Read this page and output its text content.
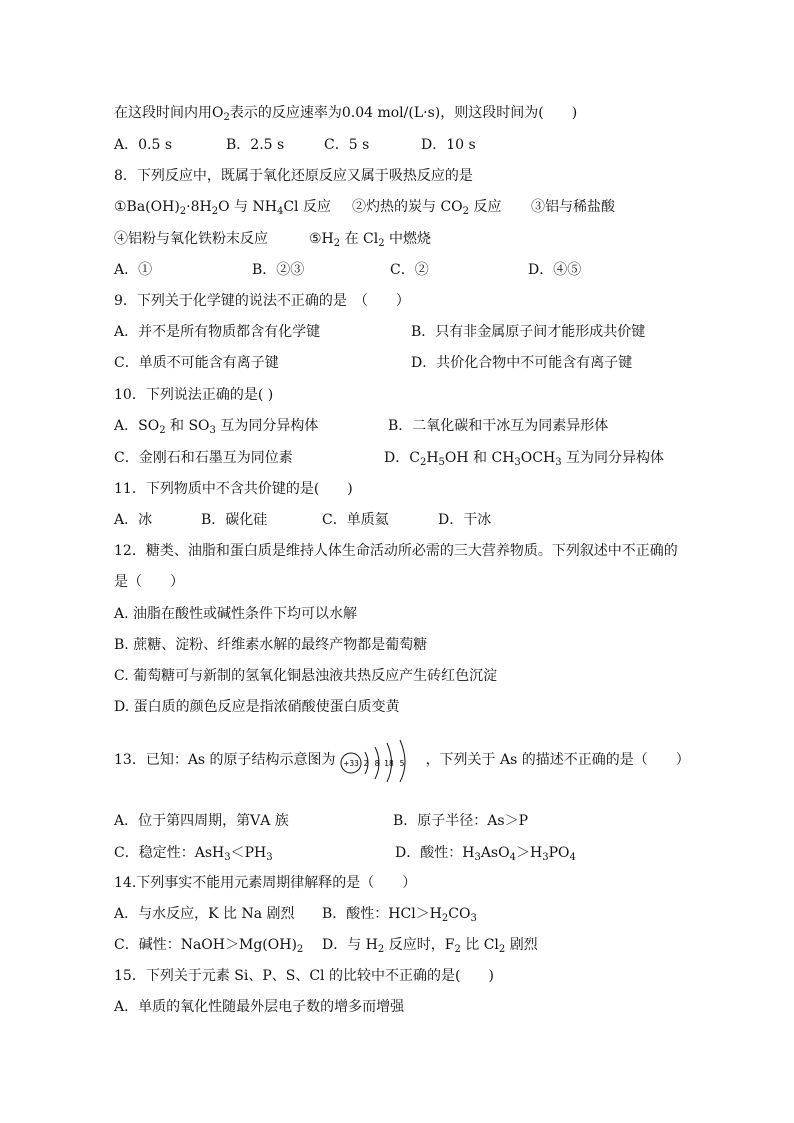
在这段时间内用$O_2$表示的反应速率为0.04 mol/(L·s)，则这段时间为(　　)
A．0.5 s	B．2.5 s	C．5 s	D．10 s
8．下列反应中，既属于氧化还原反应又属于吸热反应的是
$①Ba(OH)_2\cdot 8H_2O$ 与 $NH_4Cl$ 反应 ②灼热的炭与 $CO_2$ 反应 ③铝与稀盐酸
④铝粉与氧化铁粉末反应	$⑤H_2$ 在 $Cl_2$ 中燃烧
A．①	B．②③	C．②	D．④⑤
9．下列关于化学键的说法不正确的是　（　　）
A．并不是所有物质都含有化学键	B．只有非金属原子间才能形成共价键
C．单质不可能含有离子键	D．共价化合物中不可能含有离子键
10．下列说法正确的是( )
A．$SO_2$ 和 $SO_3$ 互为同分异构体	B．二氧化碳和干冰互为同素异形体
C．金刚石和石墨互为同位素	D．$C_2H_5OH$ 和 $CH_3OCH_3$ 互为同分异构体
11．下列物质中不含共价键的是(　　)
A．冰	B．碳化硅	C．单质氦	D．干冰
12．糖类、油脂和蛋白质是维持人体生命活动所必需的三大营养物质。下列叙述中不正确的
是（　　）
A. 油脂在酸性或碱性条件下均可以水解
B. 蔗糖、淀粉、纤维素水解的最终产物都是葡萄糖
C. 葡萄糖可与新制的氢氧化铜悬浊液共热反应产生砖红色沉淀
D. 蛋白质的颜色反应是指浓硝酸使蛋白质变黄
13．已知：As 的原子结构示意图为 +33 2 8 18 5 ，下列关于 As 的描述不正确的是（　　）
A．位于第四周期，第ⅤA 族	B．原子半径：As＞P
C．稳定性：$AsH_3<PH_3$	D．酸性：$H_3AsO_4>H_3PO_4$
14.下列事实不能用元素周期律解释的是（　　）
A．与水反应，K 比 Na 剧烈 B．酸性：$HCl>H_2CO_3$
C．碱性：$NaOH>Mg(OH)_2$ D．与 $H_2$ 反应时，$F_2$ 比 $Cl_2$ 剧烈
15．下列关于元素 Si、P、S、Cl 的比较中不正确的是(　　)
A．单质的氧化性随最外层电子数的增多而增强
